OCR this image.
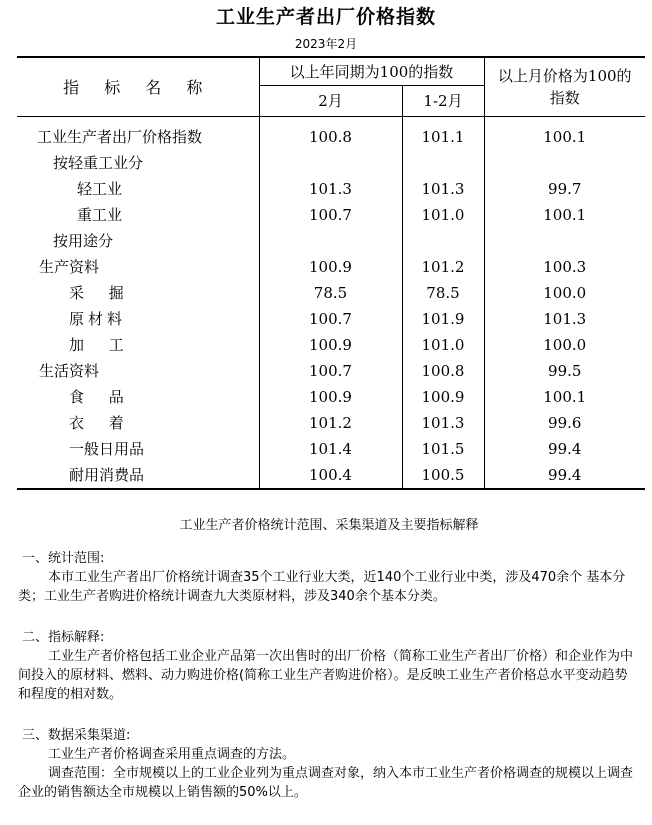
工业生产者出厂价格指数
2023年2月
指 标 名 称	以上年同期为100的指数		以上月价格为100的指数
	2月	1-2月	

工业生产者出厂价格指数	100.8	101.1	100.1
按轻重工业分			
轻工业	101.3	101.3	99.7
重工业	100.7	101.0	100.1
按用途分			
生产资料	100.9	101.2	100.3
采 掘	78.5	78.5	100.0
原材料	100.7	101.9	101.3
加 工	100.9	101.0	100.0
生活资料	100.7	100.8	99.5
食 品	100.9	100.9	100.1
衣 着	101.2	101.3	99.6
一般日用品	101.4	101.5	99.4
耐用消费品	100.4	100.5	99.4
工业生产者价格统计范围、采集渠道及主要指标解释
一、统计范围:

本市工业生产者出厂价格统计调查35个工业行业大类，近140个工业行业中类，涉及470余个 基本分类；工业生产者购进价格统计调查九大类原材料，涉及340余个基本分类。

二、指标解释:

工业生产者价格包括工业企业产品第一次出售时的出厂价格（简称工业生产者出厂价格）和企业作为中间投入的原材料、燃料、动力购进价格(简称工业生产者购进价格）。是反映工业生产者价格总水平变动趋势和程度的相对数。

三、数据采集渠道:

工业生产者价格调查采用重点调查的方法。

调查范围：全市规模以上的工业企业列为重点调查对象，纳入本市工业生产者价格调查的规模以上调查企业的销售额达全市规模以上销售额的50%以上。
